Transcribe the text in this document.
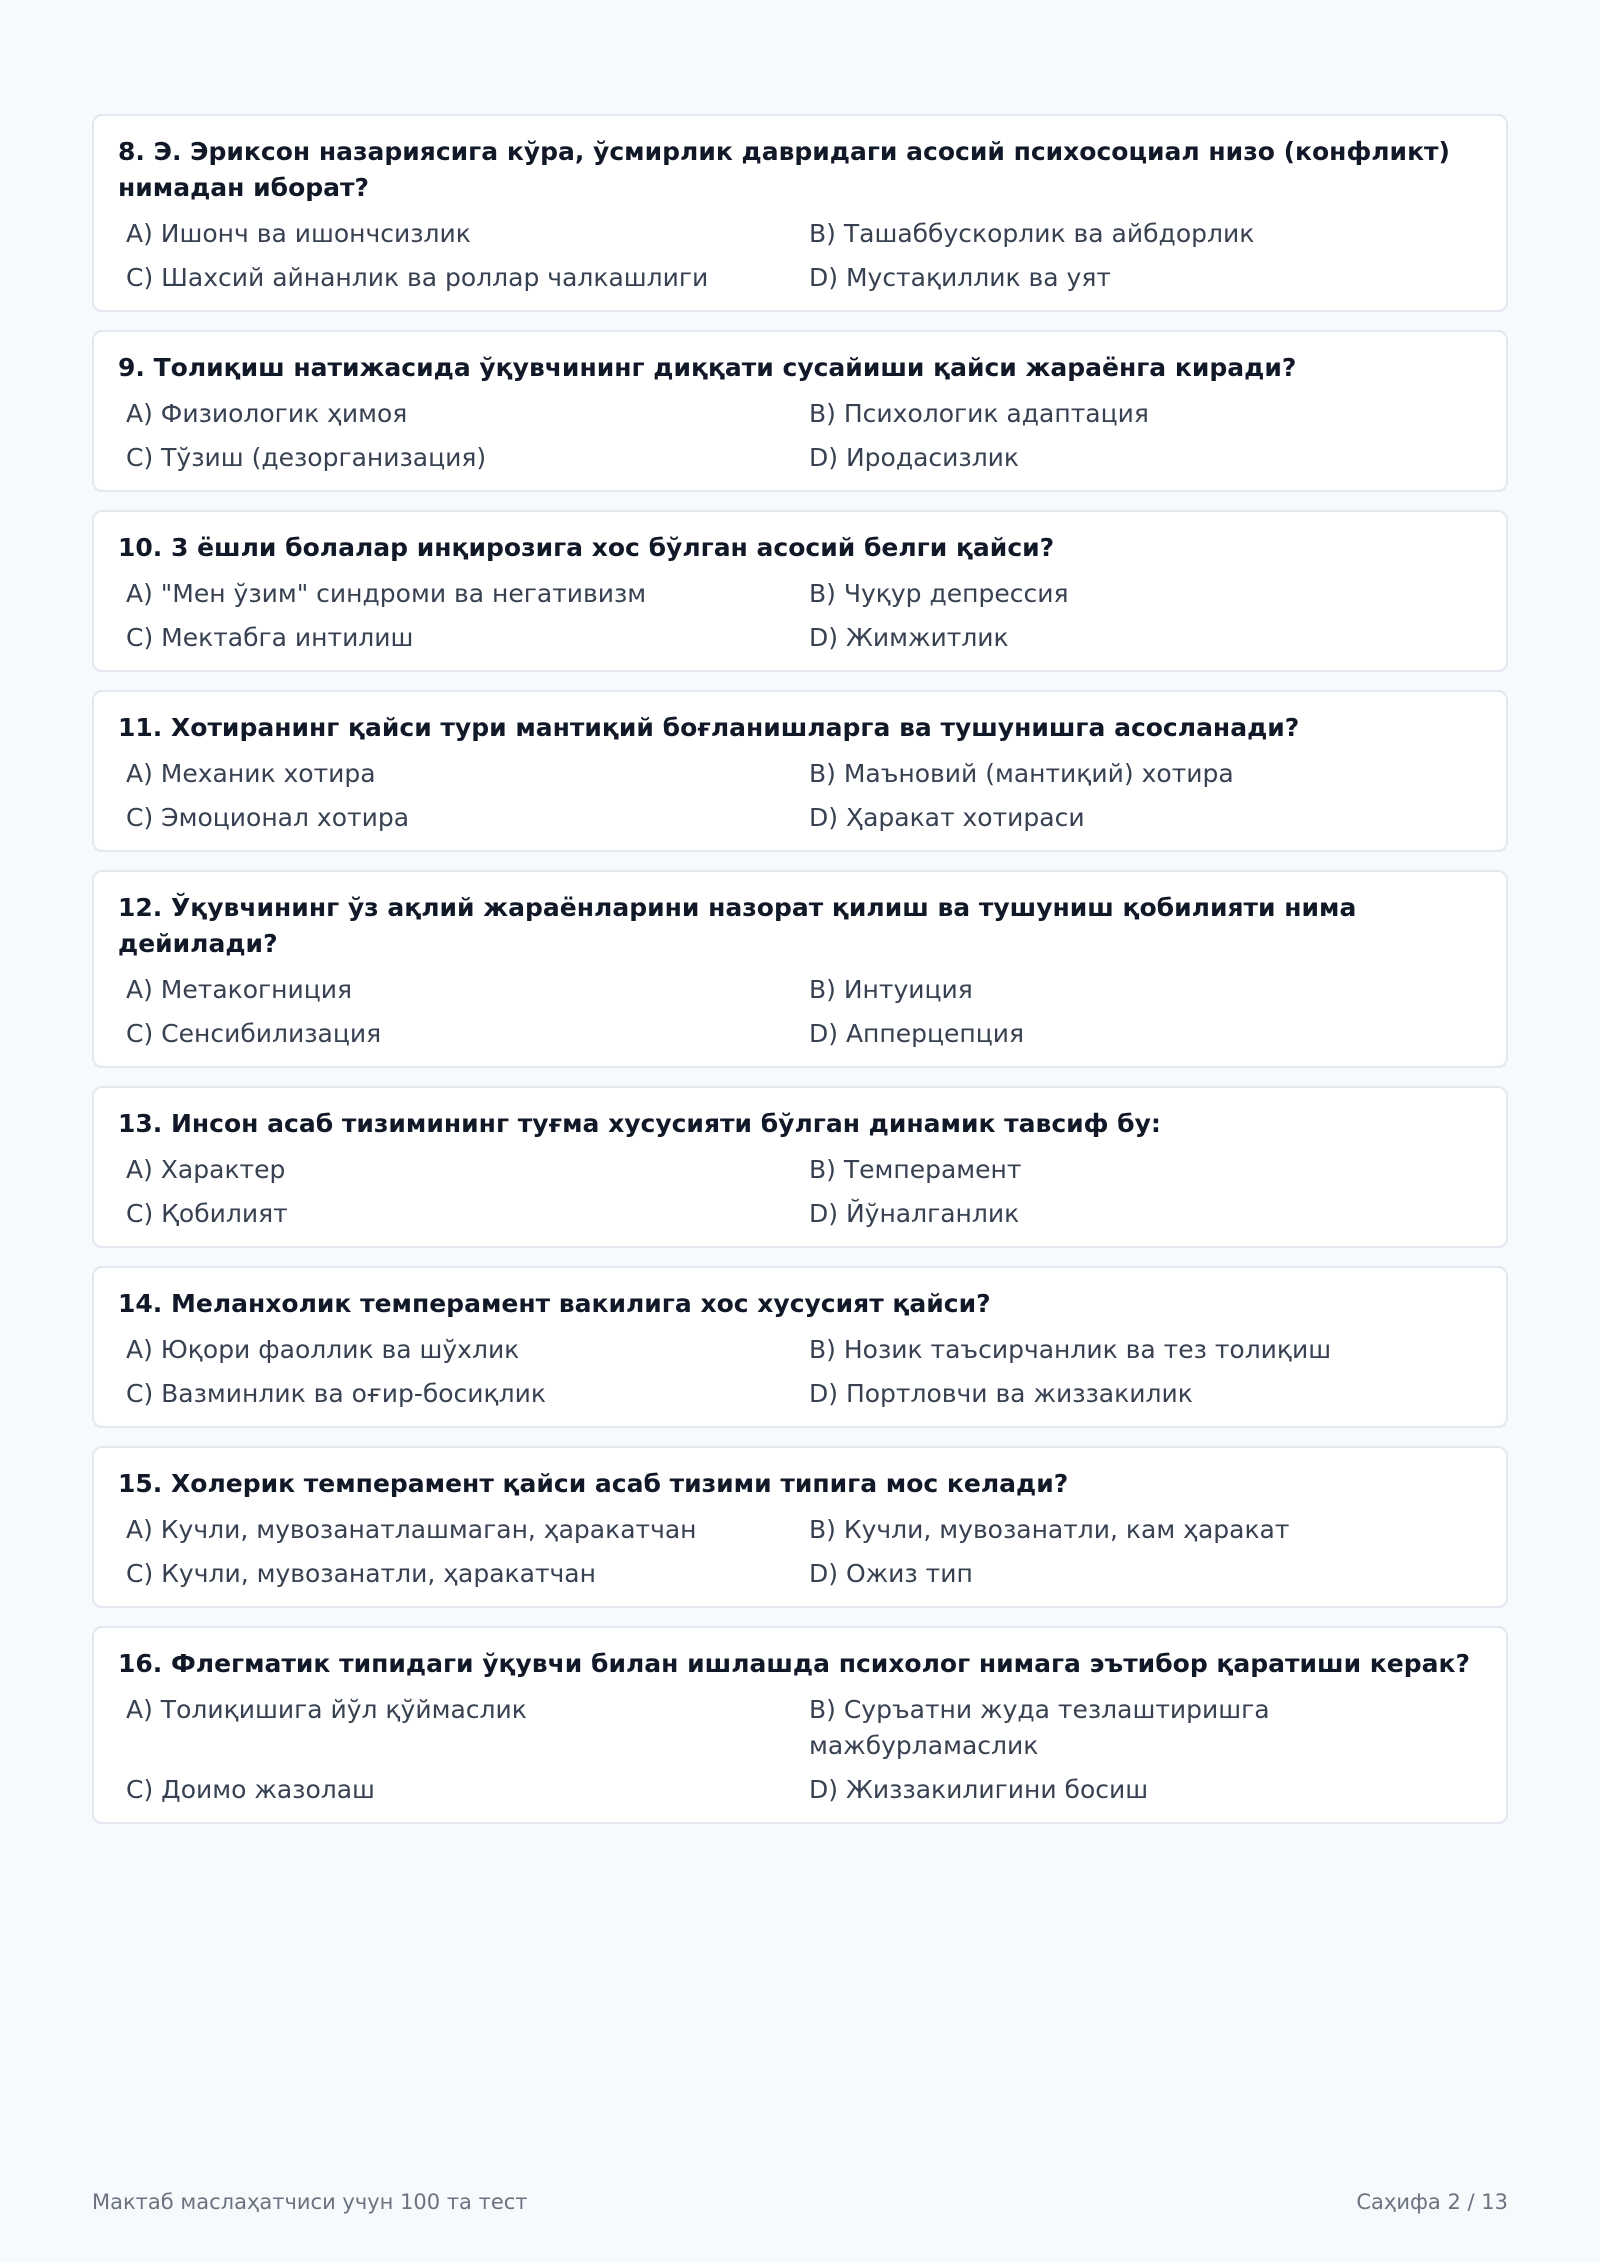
8. Э. Эриксон назариясига кўра, ўсмирлик давридаги асосий психосоциал низо (конфликт) нимадан иборат?
A) Ишонч ва ишончсизлик	B) Ташаббускорлик ва айбдорлик
C) Шахсий айнанлик ва роллар чалкашлиги	D) Мустақиллик ва уят
9. Толиқиш натижасида ўқувчининг диққати сусайиши қайси жараёнга киради?
A) Физиологик ҳимоя	B) Психологик адаптация
C) Тўзиш (дезорганизация)	D) Иродасизлик
10. 3 ёшли болалар инқирозига хос бўлган асосий белги қайси?
A) "Мен ўзим" синдроми ва негативизм	B) Чуқур депрессия
C) Мектабга интилиш	D) Жимжитлик
11. Хотиранинг қайси тури мантиқий боғланишларга ва тушунишга асосланади?
A) Механик хотира	B) Маъновий (мантиқий) хотира
C) Эмоционал хотира	D) Ҳаракат хотираси
12. Ўқувчининг ўз ақлий жараёнларини назорат қилиш ва тушуниш қобилияти нима дейилади?
A) Метакогниция	B) Интуиция
C) Сенсибилизация	D) Апперцепция
13. Инсон асаб тизимининг туғма хусусияти бўлган динамик тавсиф бу:
A) Характер	B) Темперамент
C) Қобилият	D) Йўналганлик
14. Меланхолик темперамент вакилига хос хусусият қайси?
A) Юқори фаоллик ва шўхлик	B) Нозик таъсирчанлик ва тез толиқиш
C) Вазминлик ва оғир-босиқлик	D) Портловчи ва жиззакилик
15. Холерик темперамент қайси асаб тизими типига мос келади?
A) Кучли, мувозанатлашмаган, ҳаракатчан	B) Кучли, мувозанатли, кам ҳаракат
C) Кучли, мувозанатли, ҳаракатчан	D) Ожиз тип
16. Флегматик типидаги ўқувчи билан ишлашда психолог нимага эътибор қаратиши керак?
A) Толиқишига йўл қўймаслик	B) Суръатни жуда тезлаштиришга мажбурламаслик
C) Доимо жазолаш	D) Жиззакилигини босиш
Мактаб маслаҳатчиси учун 100 та тест	Саҳифа 2 / 13
